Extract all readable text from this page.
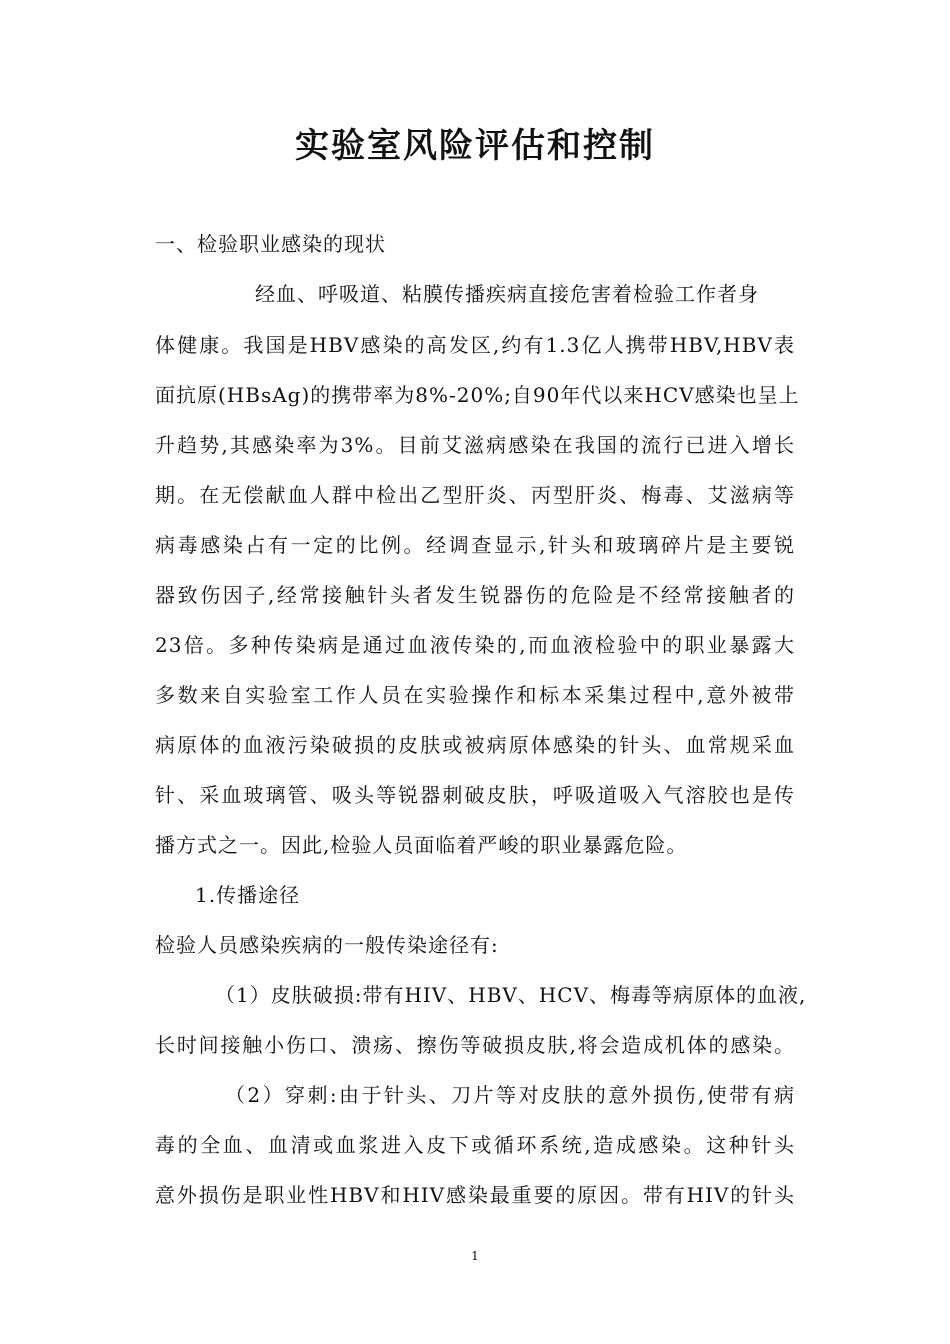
实验室风险评估和控制

一、检验职业感染的现状

经血、呼吸道、粘膜传播疾病直接危害着检验工作者身

体健康。我国是HBV感染的高发区,约有1.3亿人携带HBV,HBV表

面抗原(HBsAg)的携带率为8%-20%;自90年代以来HCV感染也呈上

升趋势,其感染率为3%。目前艾滋病感染在我国的流行已进入增长

期。在无偿献血人群中检出乙型肝炎、丙型肝炎、梅毒、艾滋病等

病毒感染占有一定的比例。经调查显示,针头和玻璃碎片是主要锐

器致伤因子,经常接触针头者发生锐器伤的危险是不经常接触者的

23倍。多种传染病是通过血液传染的,而血液检验中的职业暴露大

多数来自实验室工作人员在实验操作和标本采集过程中,意外被带

病原体的血液污染破损的皮肤或被病原体感染的针头、血常规采血

针、采血玻璃管、吸头等锐器刺破皮肤，呼吸道吸入气溶胶也是传

播方式之一。因此,检验人员面临着严峻的职业暴露危险。

1.传播途径

检验人员感染疾病的一般传染途径有:

（1）皮肤破损:带有HIV、HBV、HCV、梅毒等病原体的血液,

长时间接触小伤口、溃疡、擦伤等破损皮肤,将会造成机体的感染。

（2）穿刺:由于针头、刀片等对皮肤的意外损伤,使带有病

毒的全血、血清或血浆进入皮下或循环系统,造成感染。这种针头

意外损伤是职业性HBV和HIV感染最重要的原因。带有HIV的针头

1
